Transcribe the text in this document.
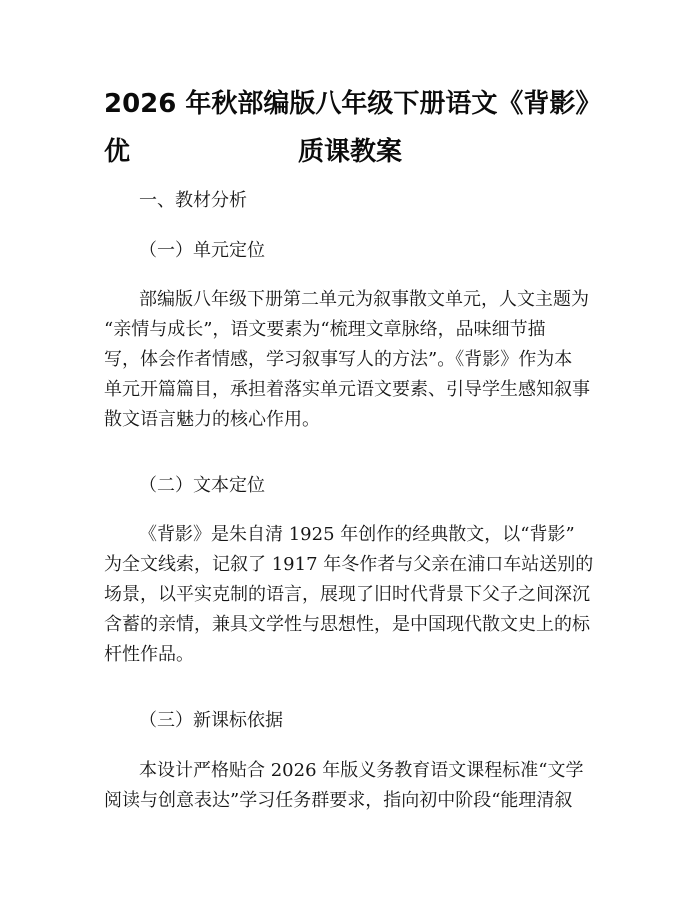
2026 年秋部编版八年级下册语文《背影》优	质课教案
一、教材分析
（一）单元定位
部编版八年级下册第二单元为叙事散文单元，人文主题为
“亲情与成长”，语文要素为“梳理文章脉络，品味细节描
写，体会作者情感，学习叙事写人的方法”。《背影》作为本
单元开篇篇目，承担着落实单元语文要素、引导学生感知叙事
散文语言魅力的核心作用。
（二）文本定位
《背影》是朱自清 1925 年创作的经典散文，以“背影”
为全文线索，记叙了 1917 年冬作者与父亲在浦口车站送别的
场景，以平实克制的语言，展现了旧时代背景下父子之间深沉
含蓄的亲情，兼具文学性与思想性，是中国现代散文史上的标
杆性作品。
（三）新课标依据
本设计严格贴合 2026 年版义务教育语文课程标准“文学
阅读与创意表达”学习任务群要求，指向初中阶段“能理清叙
